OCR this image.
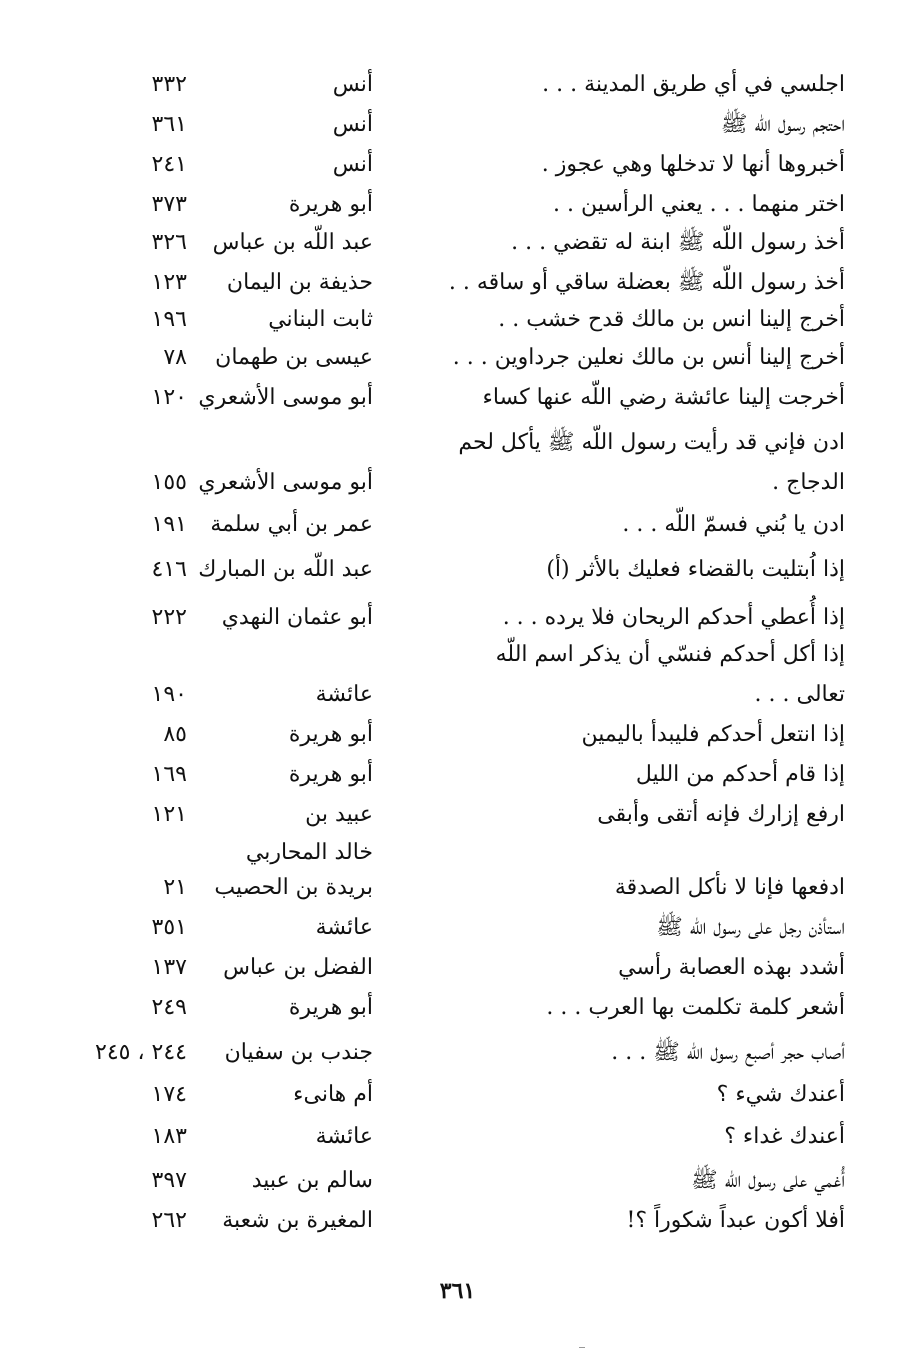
اجلسي في أي طريق المدينة . . .
أنس
٣٣٢
احتجم رسول اللّه ﷺ
أنس
٣٦١
أخبروها أنها لا تدخلها وهي عجوز .
أنس
٢٤١
اختر منهما . . . يعني الرأسين . .
أبو هريرة
٣٧٣
أخذ رسول اللّه ﷺ ابنة له تقضي . . .
عبد اللّه بن عباس
٣٢٦
أخذ رسول اللّه ﷺ بعضلة ساقي أو ساقه . .
حذيفة بن اليمان
١٢٣
أخرج إلينا انس بن مالك قدح خشب . .
ثابت البناني
١٩٦
أخرج إلينا أنس بن مالك نعلين جرداوين . . .
عيسى بن طهمان
٧٨
أخرجت إلينا عائشة رضي اللّه عنها كساء
أبو موسى الأشعري
١٢٠
ادن فإني قد رأيت رسول اللّه ﷺ يأكل لحم
الدجاج .
أبو موسى الأشعري
١٥٥
ادن يا بُني فسمّ اللّه . . .
عمر بن أبي سلمة
١٩١
إذا اُبتليت بالقضاء فعليك بالأثر (أ)
عبد اللّه بن المبارك
٤١٦
إذا أُعطي أحدكم الريحان فلا يرده . . .
أبو عثمان النهدي
٢٢٢
إذا أكل أحدكم فنسّي أن يذكر اسم اللّه
تعالى . . .
عائشة
١٩٠
إذا انتعل أحدكم فليبدأ باليمين
أبو هريرة
٨٥
إذا قام أحدكم من الليل
أبو هريرة
١٦٩
ارفع إزارك فإنه أتقى وأبقى
عبيد بن
١٢١
خالد المحاربي
ادفعها فإنا لا نأكل الصدقة
بريدة بن الحصيب
٢١
استأذن رجل على رسول اللّه ﷺ
عائشة
٣٥١
أشدد بهذه العصابة رأسي
الفضل بن عباس
١٣٧
أشعر كلمة تكلمت بها العرب . . .
أبو هريرة
٢٤٩
أصاب حجر أصبع رسول اللّه ﷺ . . .
جندب بن سفيان
٢٤٤ ، ٢٤٥
أعندك شيء ؟
أم هانىء
١٧٤
أعندك غداء ؟
عائشة
١٨٣
أُغمي على رسول اللّه ﷺ
سالم بن عبيد
٣٩٧
أفلا أكون عبداً شكوراً ؟!
المغيرة بن شعبة
٢٦٢
٣٦١
